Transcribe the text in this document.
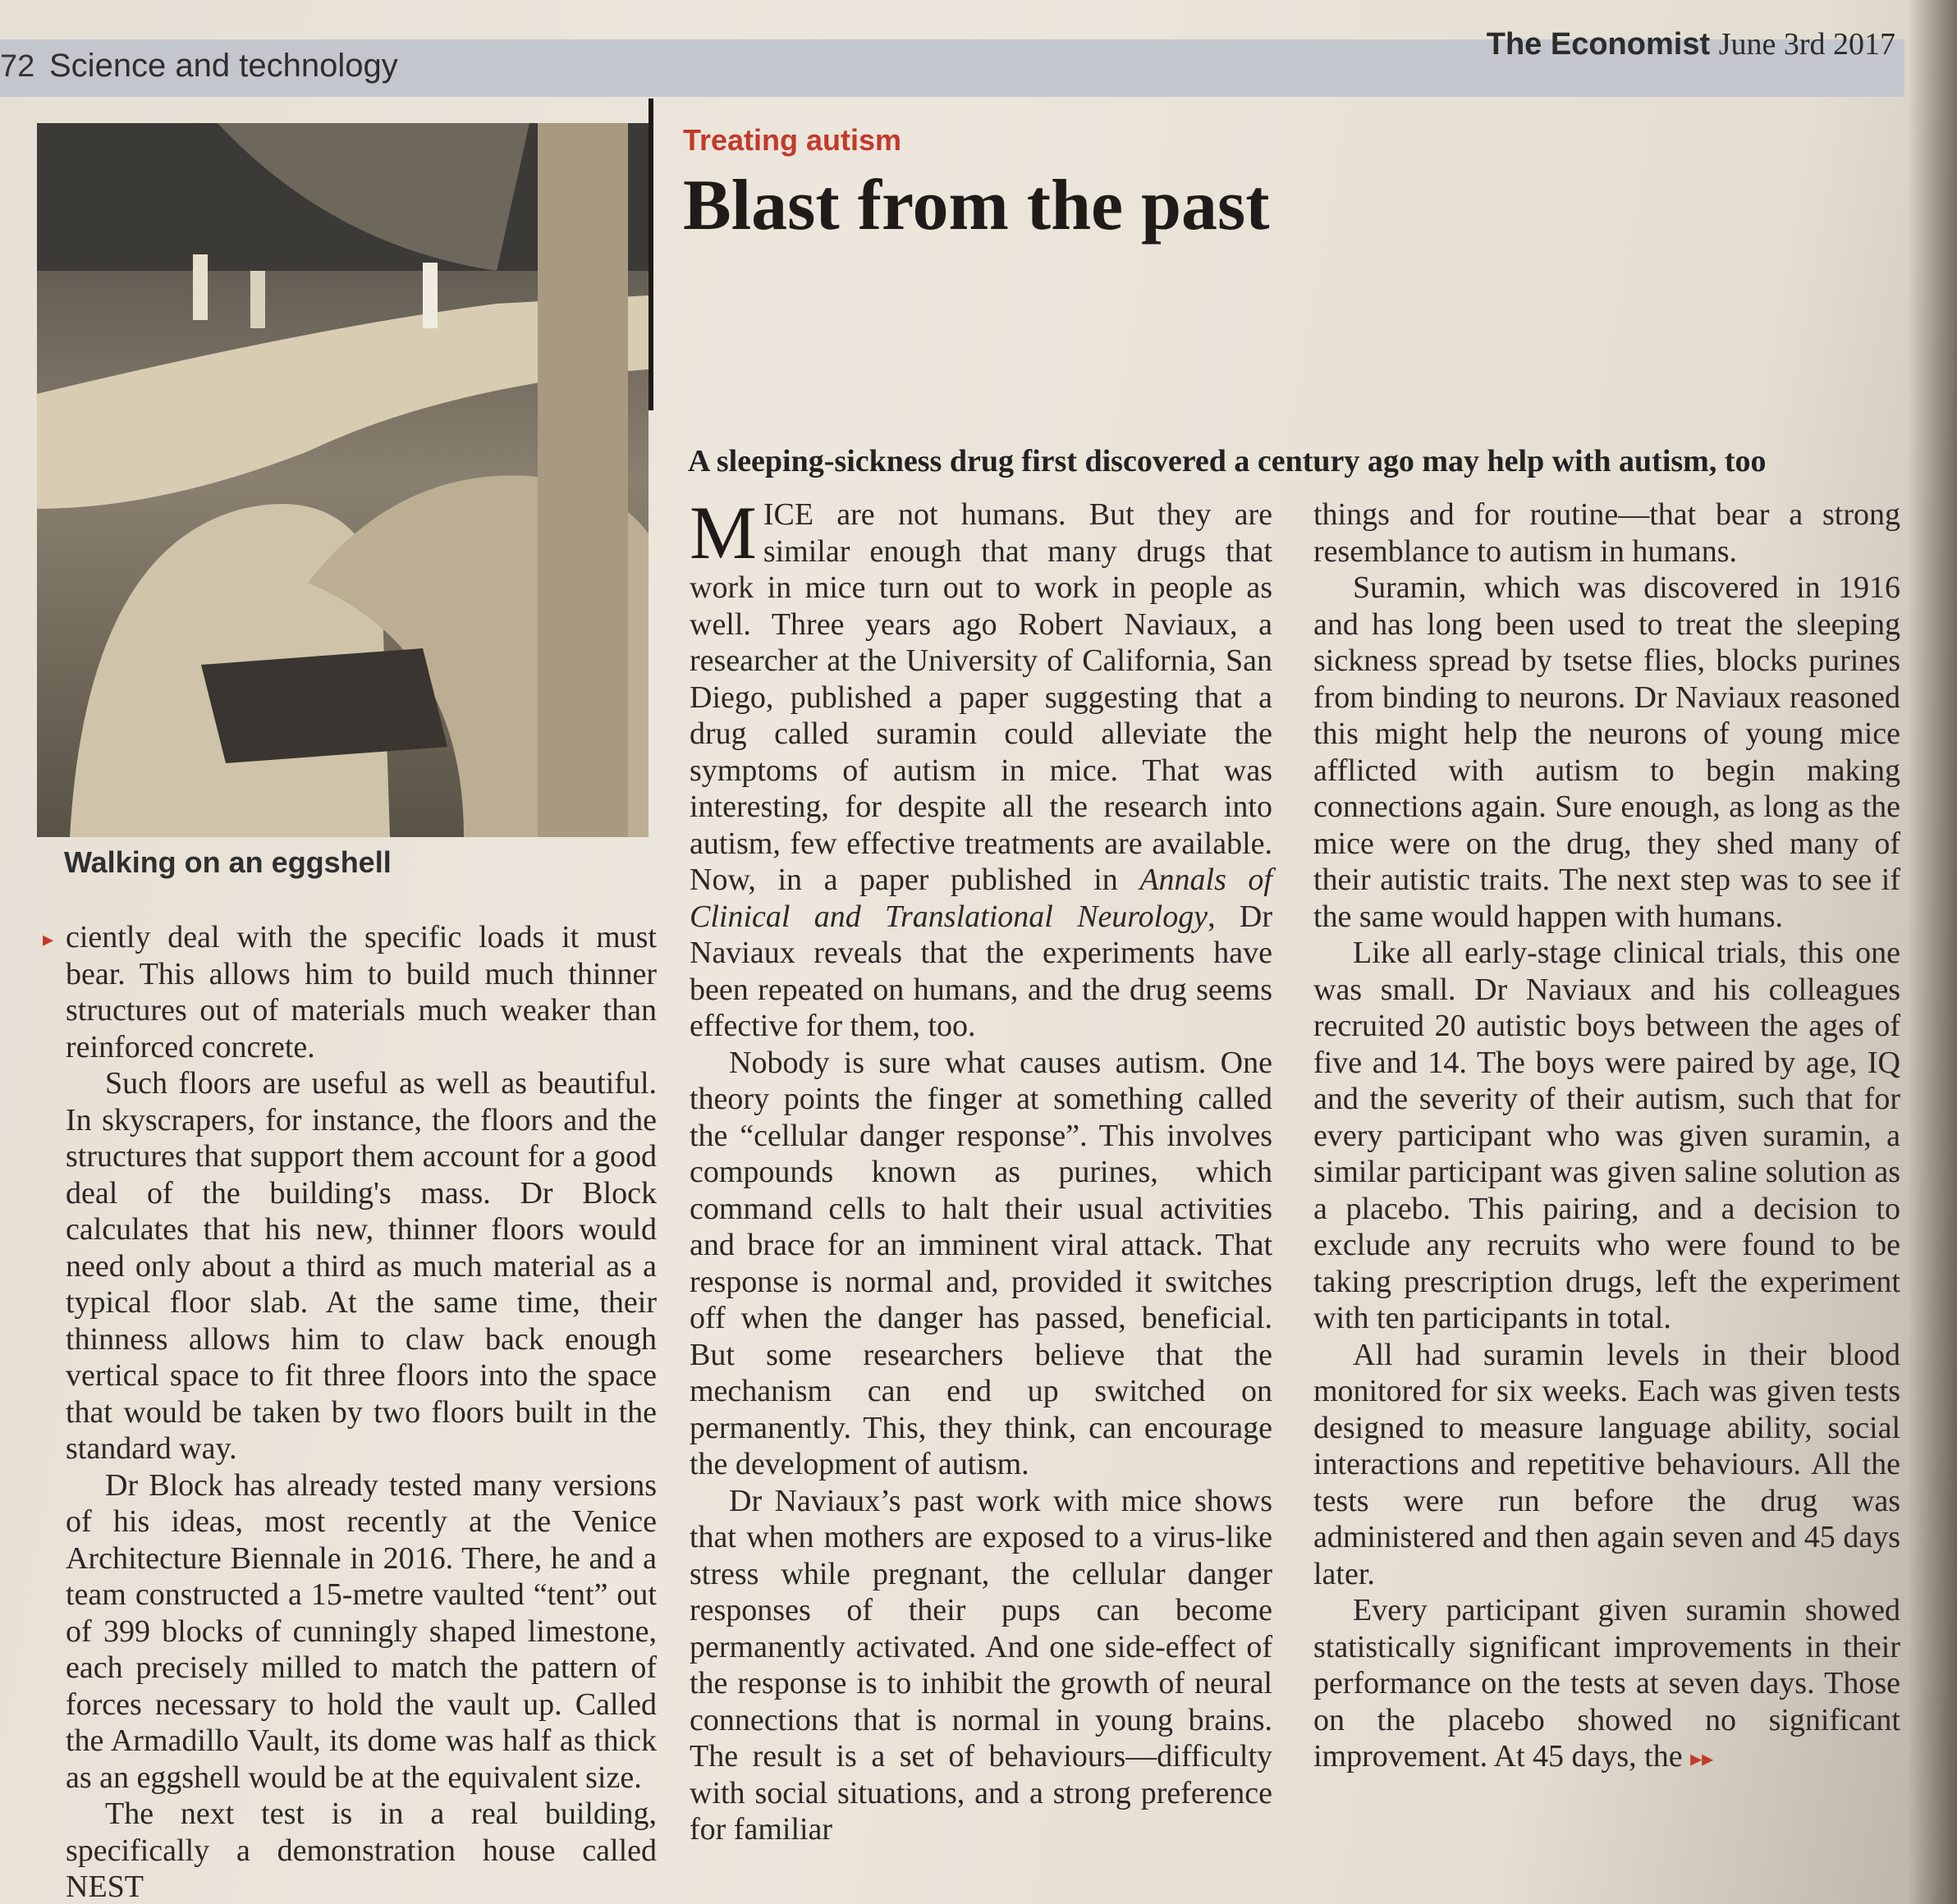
72 Science and technology
The Economist June 3rd 2017
Walking on an eggshell
▸ ciently deal with the specific loads it must bear. This allows him to build much thinner structures out of materials much weaker than reinforced concrete.

Such floors are useful as well as beautiful. In skyscrapers, for instance, the floors and the structures that support them account for a good deal of the building's mass. Dr Block calculates that his new, thinner floors would need only about a third as much material as a typical floor slab. At the same time, their thinness allows him to claw back enough vertical space to fit three floors into the space that would be taken by two floors built in the standard way.

Dr Block has already tested many versions of his ideas, most recently at the Venice Architecture Biennale in 2016. There, he and a team constructed a 15-metre vaulted “tent” out of 399 blocks of cunningly shaped limestone, each precisely milled to match the pattern of forces necessary to hold the vault up. Called the Armadillo Vault, its dome was half as thick as an eggshell would be at the equivalent size.

The next test is in a real building, specifically a demonstration house called NEST

Treating autism
Blast from the past
A sleeping-sickness drug first discovered a century ago may help with autism, too

MICE are not humans. But they are similar enough that many drugs that work in mice turn out to work in people as well. Three years ago Robert Naviaux, a researcher at the University of California, San Diego, published a paper suggesting that a drug called suramin could alleviate the symptoms of autism in mice. That was interesting, for despite all the research into autism, few effective treatments are available. Now, in a paper published in Annals of Clinical and Translational Neurology, Dr Naviaux reveals that the experiments have been repeated on humans, and the drug seems effective for them, too.

Nobody is sure what causes autism. One theory points the finger at something called the “cellular danger response”. This involves compounds known as purines, which command cells to halt their usual activities and brace for an imminent viral attack. That response is normal and, provided it switches off when the danger has passed, beneficial. But some researchers believe that the mechanism can end up switched on permanently. This, they think, can encourage the development of autism.

Dr Naviaux’s past work with mice shows that when mothers are exposed to a virus-like stress while pregnant, the cellular danger responses of their pups can become permanently activated. And one side-effect of the response is to inhibit the growth of neural connections that is normal in young brains. The result is a set of behaviours—difficulty with social situations, and a strong preference for familiar

things and for routine—that bear a strong resemblance to autism in humans.

Suramin, which was discovered in 1916 and has long been used to treat the sleeping sickness spread by tsetse flies, blocks purines from binding to neurons. Dr Naviaux reasoned this might help the neurons of young mice afflicted with autism to begin making connections again. Sure enough, as long as the mice were on the drug, they shed many of their autistic traits. The next step was to see if the same would happen with humans.

Like all early-stage clinical trials, this one was small. Dr Naviaux and his colleagues recruited 20 autistic boys between the ages of five and 14. The boys were paired by age, IQ and the severity of their autism, such that for every participant who was given suramin, a similar participant was given saline solution as a placebo. This pairing, and a decision to exclude any recruits who were found to be taking prescription drugs, left the experiment with ten participants in total.

All had suramin levels in their blood monitored for six weeks. Each was given tests designed to measure language ability, social interactions and repetitive behaviours. All the tests were run before the drug was administered and then again seven and 45 days later.

Every participant given suramin showed statistically significant improvements in their performance on the tests at seven days. Those on the placebo showed no significant improvement. At 45 days, the ▸▸
